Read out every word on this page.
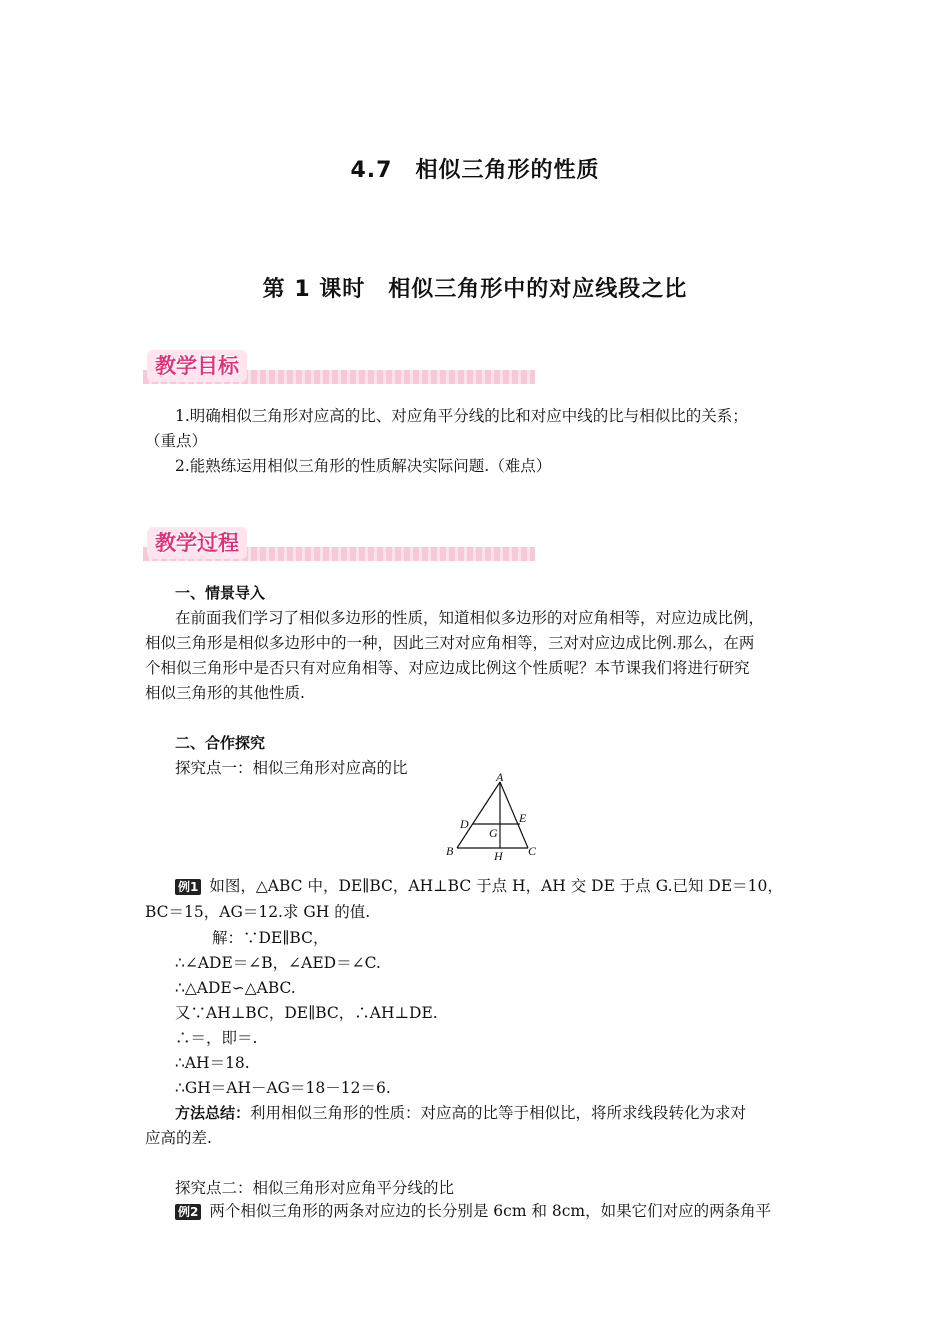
4.7　相似三角形的性质
第 1 课时　相似三角形中的对应线段之比
教学目标
1.明确相似三角形对应高的比、对应角平分线的比和对应中线的比与相似比的关系；
（重点）
2.能熟练运用相似三角形的性质解决实际问题.（难点）
教学过程
一、情景导入
在前面我们学习了相似多边形的性质，知道相似多边形的对应角相等，对应边成比例，
相似三角形是相似多边形中的一种，因此三对对应角相等，三对对应边成比例.那么，在两
个相似三角形中是否只有对应角相等、对应边成比例这个性质呢？本节课我们将进行研究
相似三角形的其他性质.
二、合作探究
探究点一：相似三角形对应高的比	A
D	E
G
B	H C
例1 如图，△ABC 中，DE∥BC，AH⊥BC 于点 H，AH 交 DE 于点 G.已知 DE＝10，
BC＝15，AG＝12.求 GH 的值.
解：∵DE∥BC，
∴∠ADE＝∠B，∠AED＝∠C.
∴△ADE∽△ABC.
又∵AH⊥BC，DE∥BC，∴AH⊥DE.
∴＝，即＝.
∴AH＝18.
∴GH＝AH－AG＝18－12＝6.
方法总结：利用相似三角形的性质：对应高的比等于相似比，将所求线段转化为求对
应高的差.
探究点二：相似三角形对应角平分线的比
例2 两个相似三角形的两条对应边的长分别是 6cm 和 8cm，如果它们对应的两条角平
